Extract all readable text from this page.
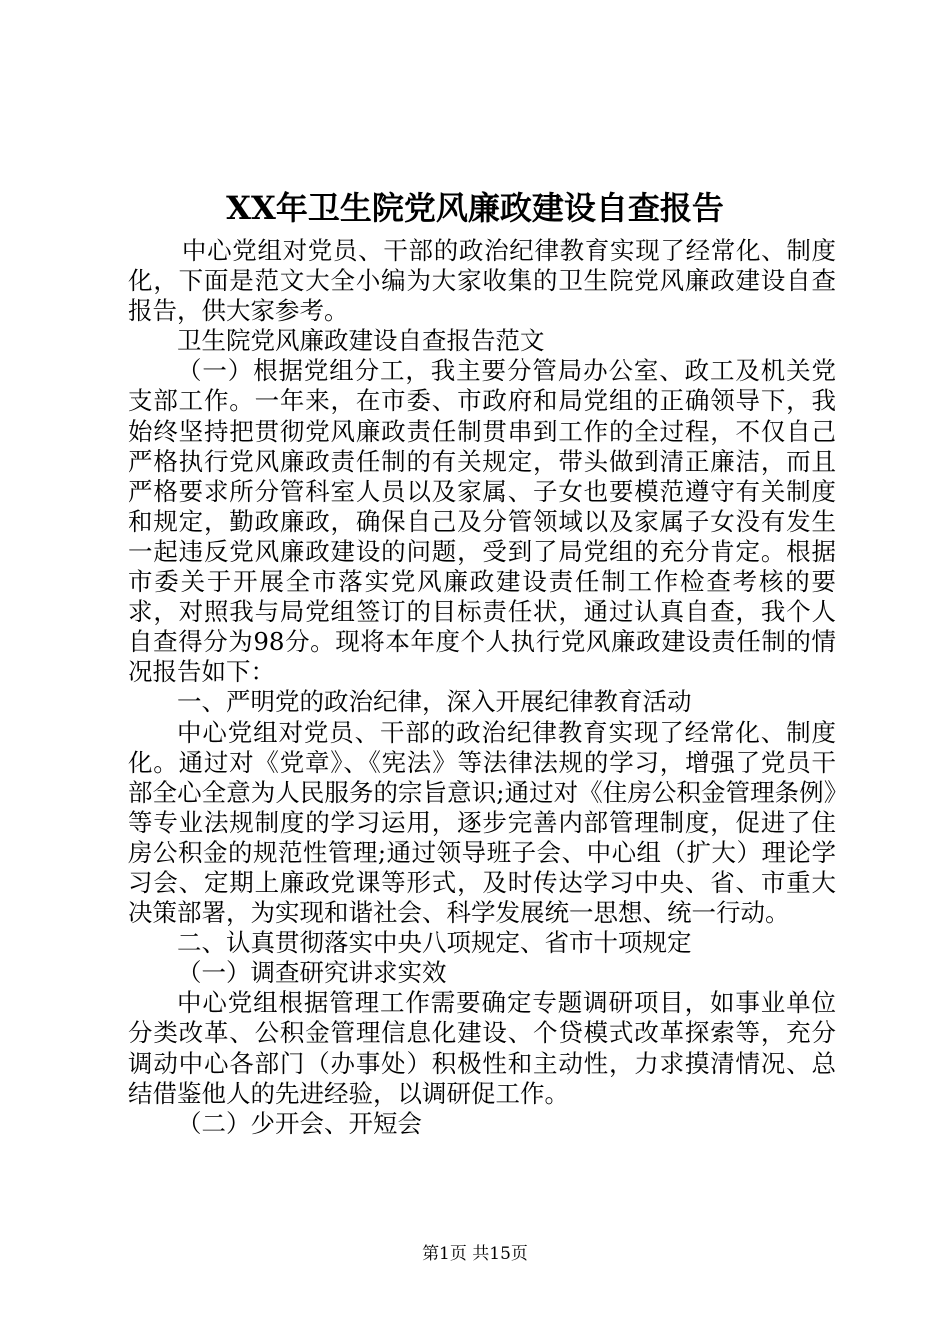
XX年卫生院党风廉政建设自查报告

中心党组对党员、干部的政治纪律教育实现了经常化、制度化，下面是范文大全小编为大家收集的卫生院党风廉政建设自查报告，供大家参考。

卫生院党风廉政建设自查报告范文

（一）根据党组分工，我主要分管局办公室、政工及机关党支部工作。一年来，在市委、市政府和局党组的正确领导下，我始终坚持把贯彻党风廉政责任制贯串到工作的全过程，不仅自己严格执行党风廉政责任制的有关规定，带头做到清正廉洁，而且严格要求所分管科室人员以及家属、子女也要模范遵守有关制度和规定，勤政廉政，确保自己及分管领域以及家属子女没有发生一起违反党风廉政建设的问题，受到了局党组的充分肯定。根据市委关于开展全市落实党风廉政建设责任制工作检查考核的要求，对照我与局党组签订的目标责任状，通过认真自查，我个人自查得分为98分。现将本年度个人执行党风廉政建设责任制的情况报告如下：

一、严明党的政治纪律，深入开展纪律教育活动

中心党组对党员、干部的政治纪律教育实现了经常化、制度化。通过对《党章》、《宪法》等法律法规的学习，增强了党员干部全心全意为人民服务的宗旨意识;通过对《住房公积金管理条例》等专业法规制度的学习运用，逐步完善内部管理制度，促进了住房公积金的规范性管理;通过领导班子会、中心组（扩大）理论学习会、定期上廉政党课等形式，及时传达学习中央、省、市重大决策部署，为实现和谐社会、科学发展统一思想、统一行动。

二、认真贯彻落实中央八项规定、省市十项规定

（一）调查研究讲求实效

中心党组根据管理工作需要确定专题调研项目，如事业单位分类改革、公积金管理信息化建设、个贷模式改革探索等，充分调动中心各部门（办事处）积极性和主动性，力求摸清情况、总结借鉴他人的先进经验，以调研促工作。

（二）少开会、开短会

第1页 共15页
